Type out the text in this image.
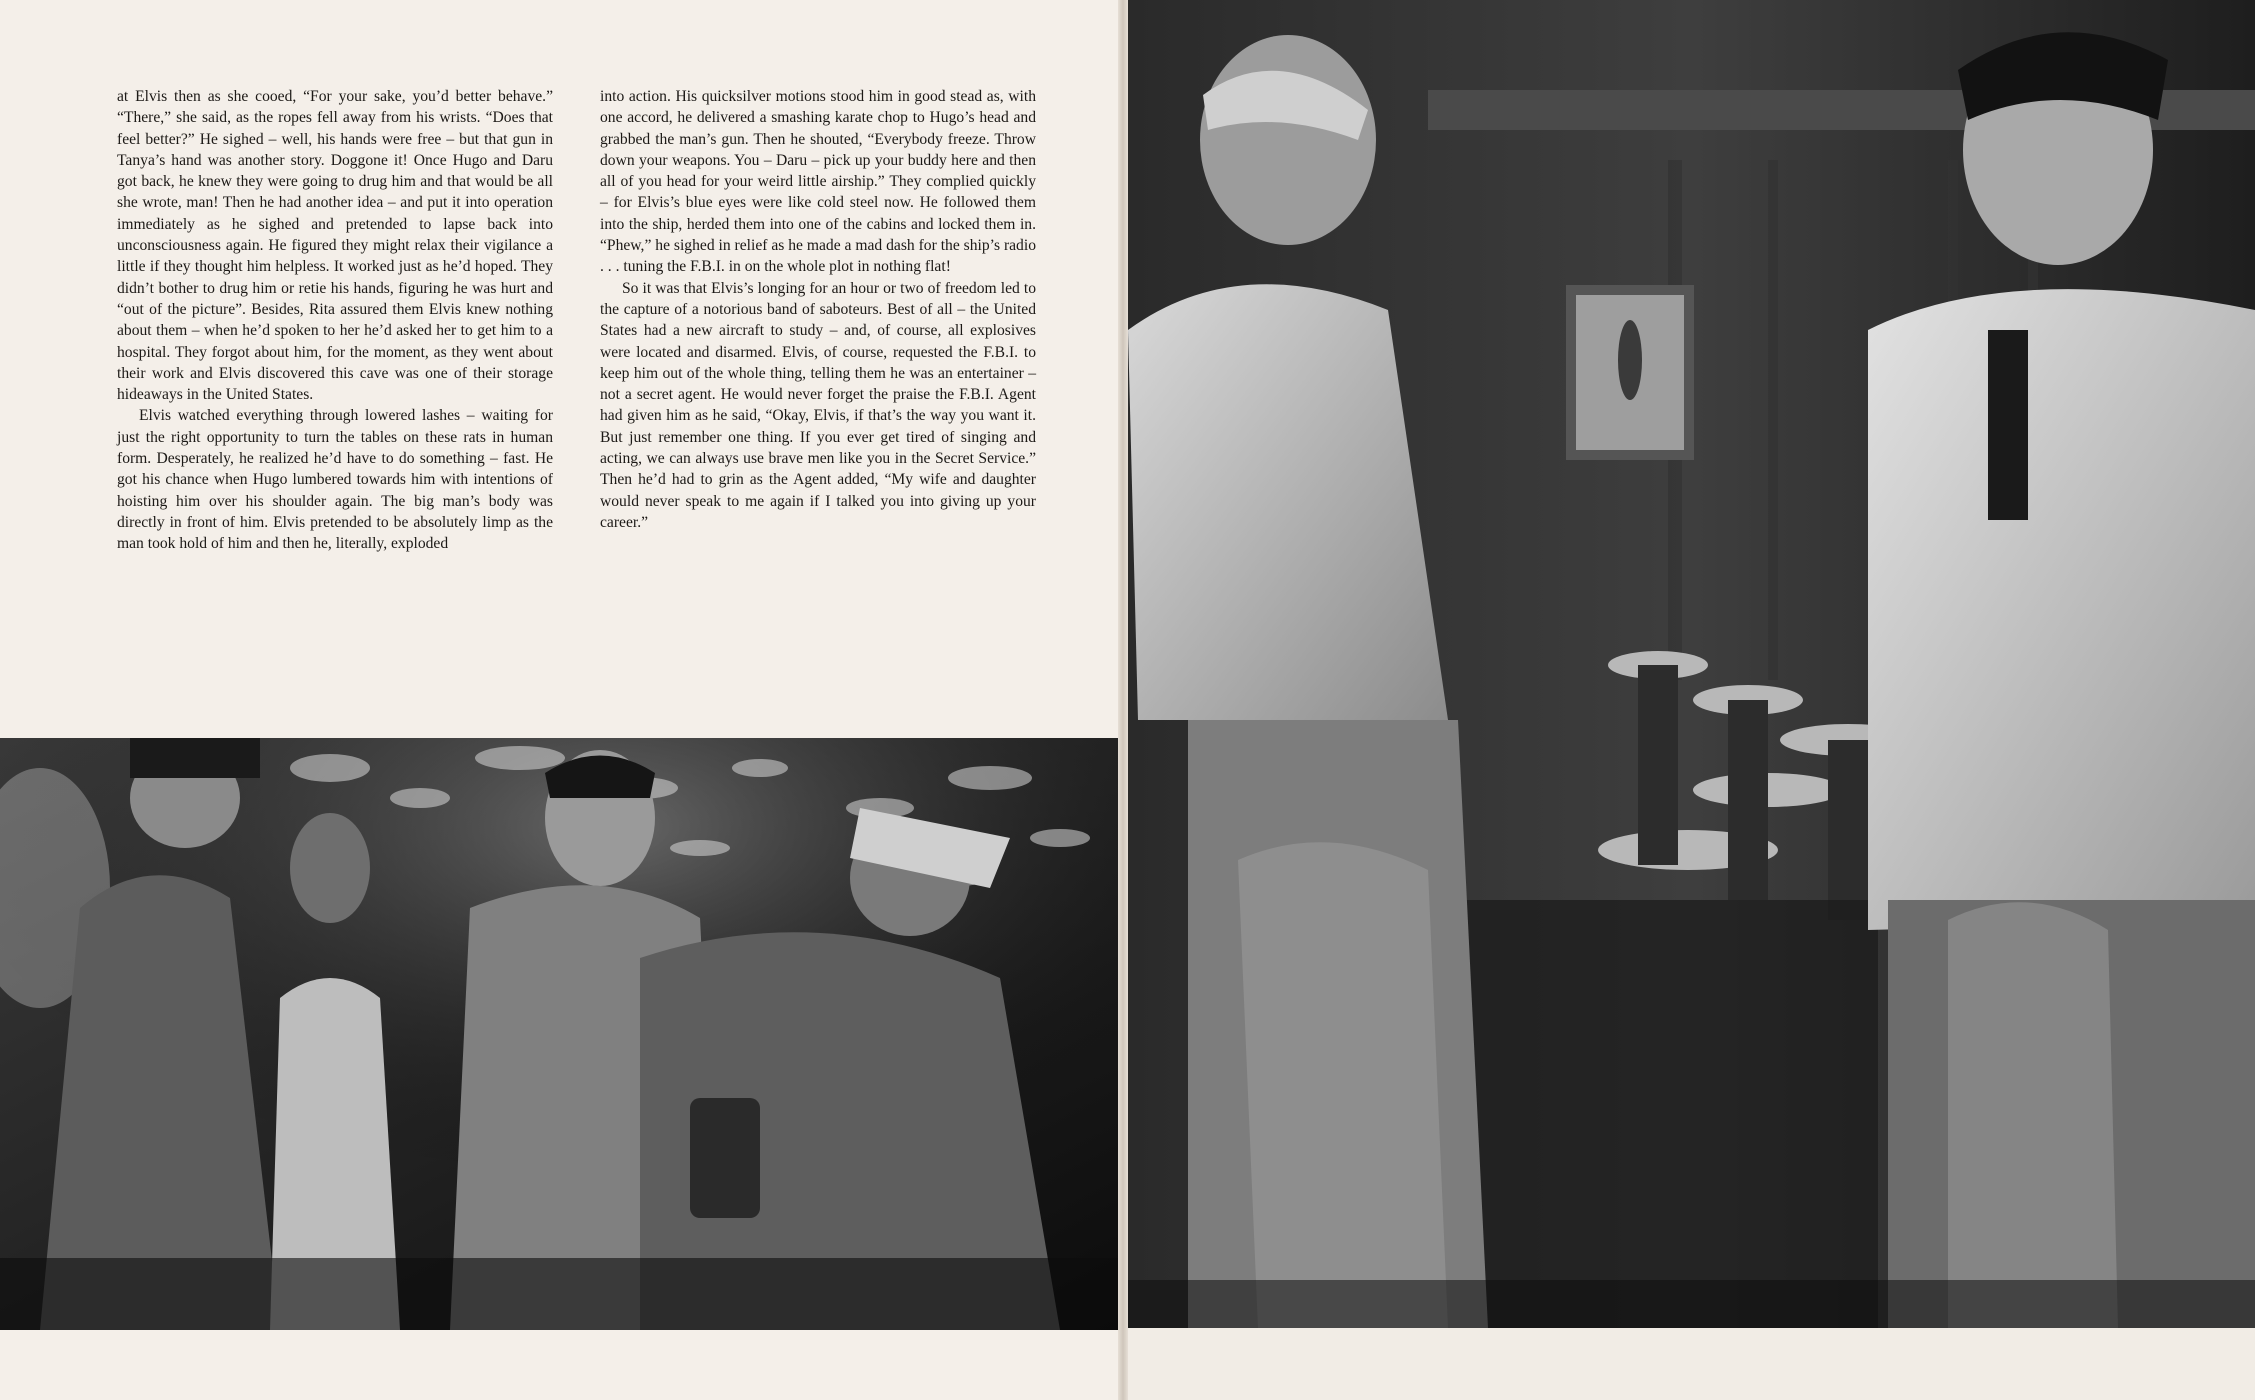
at Elvis then as she cooed, “For your sake, you’d better behave.” “There,” she said, as the ropes fell away from his wrists. “Does that feel better?” He sighed – well, his hands were free – but that gun in Tanya’s hand was another story. Doggone it! Once Hugo and Daru got back, he knew they were going to drug him and that would be all she wrote, man! Then he had another idea – and put it into operation immediately as he sighed and pretended to lapse back into unconsciousness again. He figured they might relax their vigilance a little if they thought him helpless. It worked just as he’d hoped. They didn’t bother to drug him or retie his hands, figuring he was hurt and “out of the picture”. Besides, Rita assured them Elvis knew nothing about them – when he’d spoken to her he’d asked her to get him to a hospital. They forgot about him, for the moment, as they went about their work and Elvis discovered this cave was one of their storage hideaways in the United States.

Elvis watched everything through lowered lashes – waiting for just the right opportunity to turn the tables on these rats in human form. Desperately, he realized he’d have to do something – fast. He got his chance when Hugo lumbered towards him with intentions of hoisting him over his shoulder again. The big man’s body was directly in front of him. Elvis pretended to be absolutely limp as the man took hold of him and then he, literally, exploded

into action. His quicksilver motions stood him in good stead as, with one accord, he delivered a smashing karate chop to Hugo’s head and grabbed the man’s gun. Then he shouted, “Everybody freeze. Throw down your weapons. You – Daru – pick up your buddy here and then all of you head for your weird little airship.” They complied quickly – for Elvis’s blue eyes were like cold steel now. He followed them into the ship, herded them into one of the cabins and locked them in. “Phew,” he sighed in relief as he made a mad dash for the ship’s radio . . . tuning the F.B.I. in on the whole plot in nothing flat!

So it was that Elvis’s longing for an hour or two of freedom led to the capture of a notorious band of saboteurs. Best of all – the United States had a new aircraft to study – and, of course, all explosives were located and disarmed. Elvis, of course, requested the F.B.I. to keep him out of the whole thing, telling them he was an entertainer – not a secret agent. He would never forget the praise the F.B.I. Agent had given him as he said, “Okay, Elvis, if that’s the way you want it. But just remember one thing. If you ever get tired of singing and acting, we can always use brave men like you in the Secret Service.” Then he’d had to grin as the Agent added, “My wife and daughter would never speak to me again if I talked you into giving up your career.”
